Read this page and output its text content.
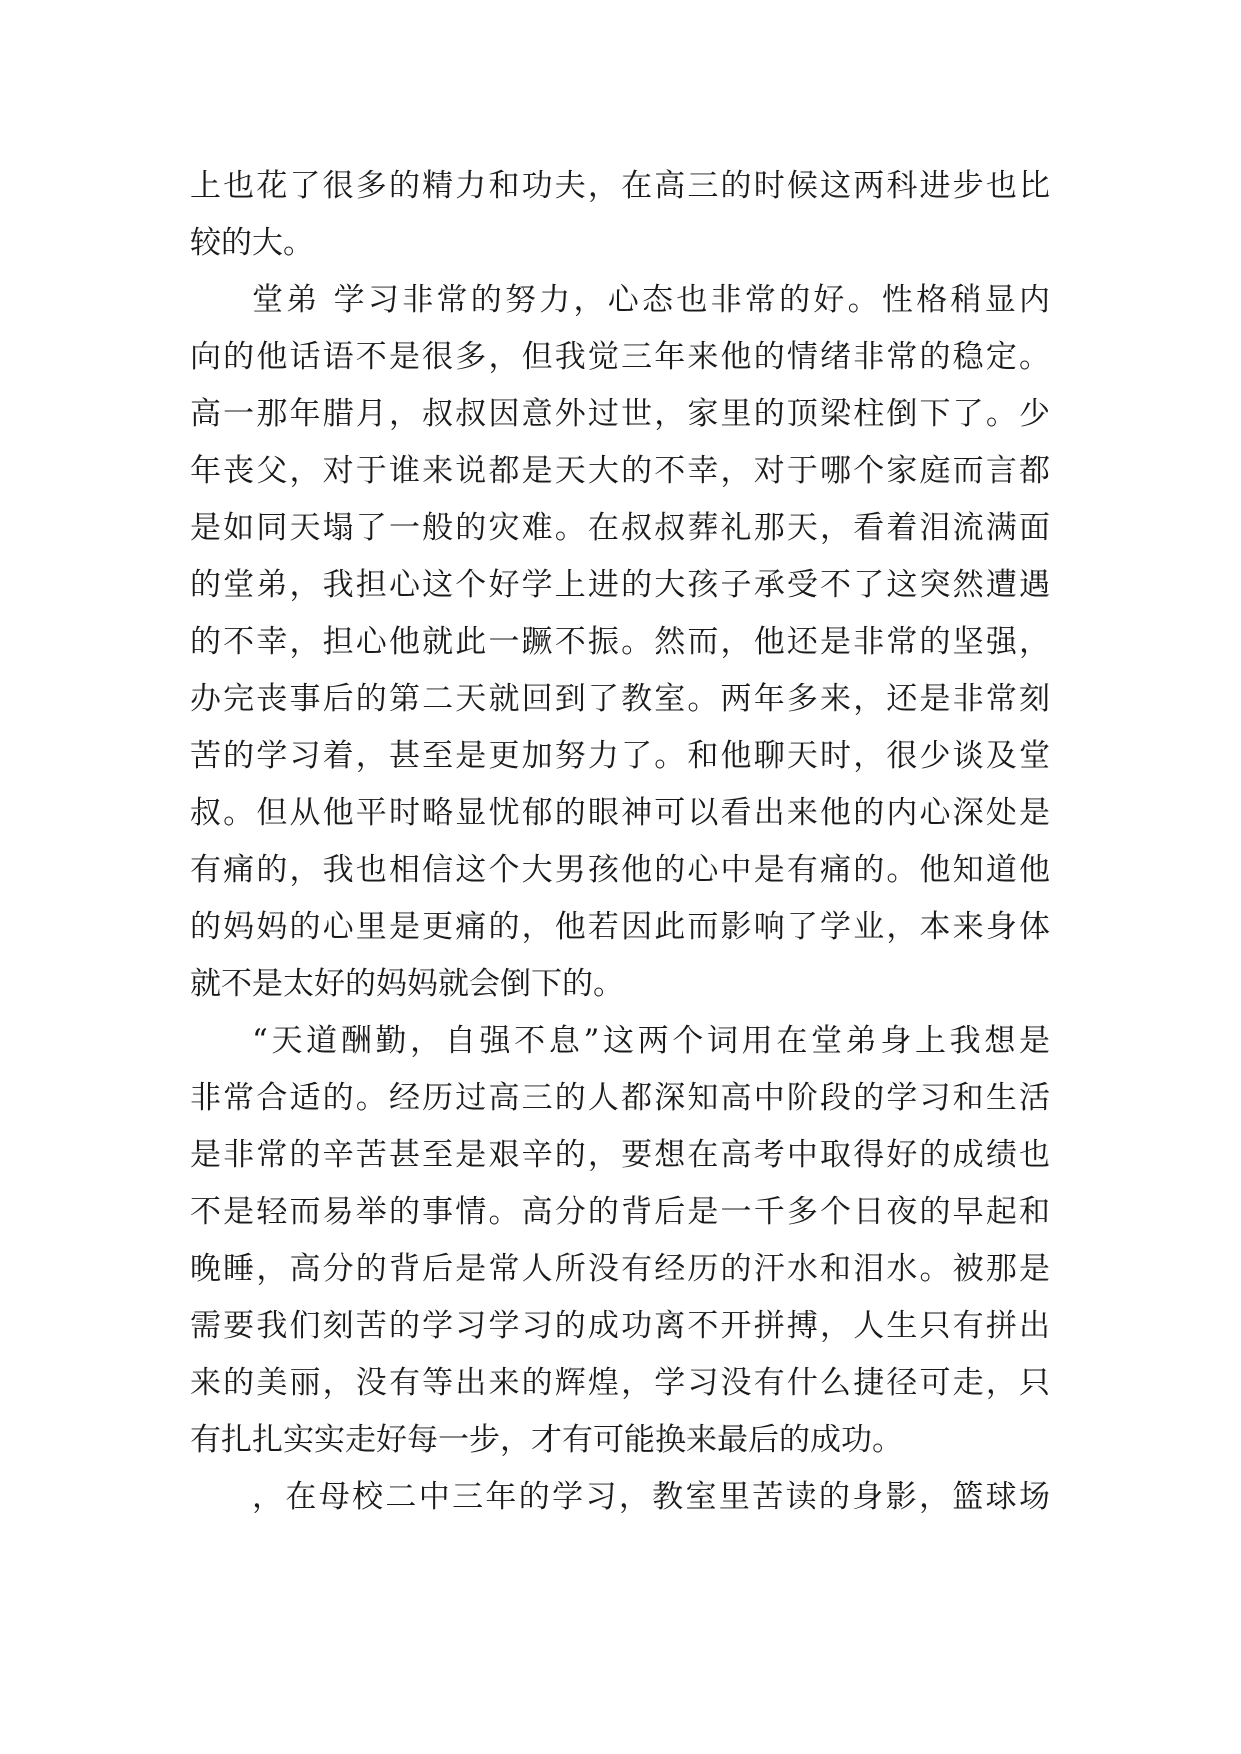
上也花了很多的精力和功夫，在高三的时候这两科进步也比
较的大。
堂弟 学习非常的努力，心态也非常的好。性格稍显内
向的他话语不是很多，但我觉三年来他的情绪非常的稳定。
高一那年腊月，叔叔因意外过世，家里的顶梁柱倒下了。少
年丧父，对于谁来说都是天大的不幸，对于哪个家庭而言都
是如同天塌了一般的灾难。在叔叔葬礼那天，看着泪流满面
的堂弟，我担心这个好学上进的大孩子承受不了这突然遭遇
的不幸，担心他就此一蹶不振。然而，他还是非常的坚强，
办完丧事后的第二天就回到了教室。两年多来，还是非常刻
苦的学习着，甚至是更加努力了。和他聊天时，很少谈及堂
叔。但从他平时略显忧郁的眼神可以看出来他的内心深处是
有痛的，我也相信这个大男孩他的心中是有痛的。他知道他
的妈妈的心里是更痛的，他若因此而影响了学业，本来身体
就不是太好的妈妈就会倒下的。
“天道酬勤，自强不息”这两个词用在堂弟身上我想是
非常合适的。经历过高三的人都深知高中阶段的学习和生活
是非常的辛苦甚至是艰辛的，要想在高考中取得好的成绩也
不是轻而易举的事情。高分的背后是一千多个日夜的早起和
晚睡，高分的背后是常人所没有经历的汗水和泪水。被那是
需要我们刻苦的学习学习的成功离不开拼搏，人生只有拼出
来的美丽，没有等出来的辉煌，学习没有什么捷径可走，只
有扎扎实实走好每一步，才有可能换来最后的成功。
，在母校二中三年的学习，教室里苦读的身影，篮球场
